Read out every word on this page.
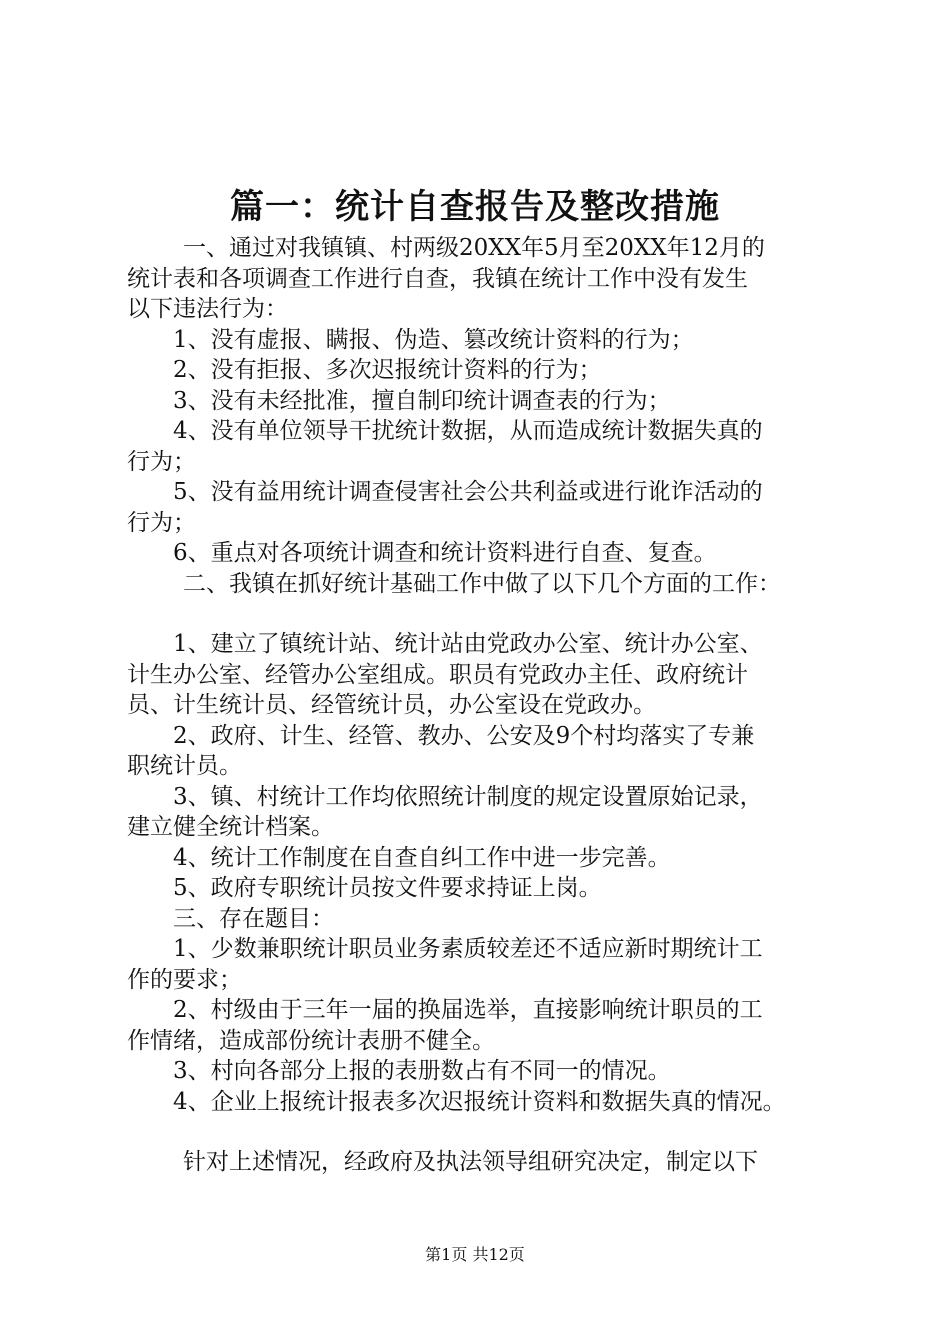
篇一：统计自查报告及整改措施
一、通过对我镇镇、村两级20XX年5月至20XX年12月的
统计表和各项调查工作进行自查，我镇在统计工作中没有发生
以下违法行为：
1、没有虚报、瞒报、伪造、篡改统计资料的行为；
2、没有拒报、多次迟报统计资料的行为；
3、没有未经批准，擅自制印统计调查表的行为；
4、没有单位领导干扰统计数据，从而造成统计数据失真的
行为；
5、没有益用统计调查侵害社会公共利益或进行讹诈活动的
行为；
6、重点对各项统计调查和统计资料进行自查、复查。
二、我镇在抓好统计基础工作中做了以下几个方面的工作：
1、建立了镇统计站、统计站由党政办公室、统计办公室、
计生办公室、经管办公室组成。职员有党政办主任、政府统计
员、计生统计员、经管统计员，办公室设在党政办。
2、政府、计生、经管、教办、公安及9个村均落实了专兼
职统计员。
3、镇、村统计工作均依照统计制度的规定设置原始记录，
建立健全统计档案。
4、统计工作制度在自查自纠工作中进一步完善。
5、政府专职统计员按文件要求持证上岗。
三、存在题目：
1、少数兼职统计职员业务素质较差还不适应新时期统计工
作的要求；
2、村级由于三年一届的换届选举，直接影响统计职员的工
作情绪，造成部份统计表册不健全。
3、村向各部分上报的表册数占有不同一的情况。
4、企业上报统计报表多次迟报统计资料和数据失真的情况。
针对上述情况，经政府及执法领导组研究决定，制定以下
第1页 共12页
